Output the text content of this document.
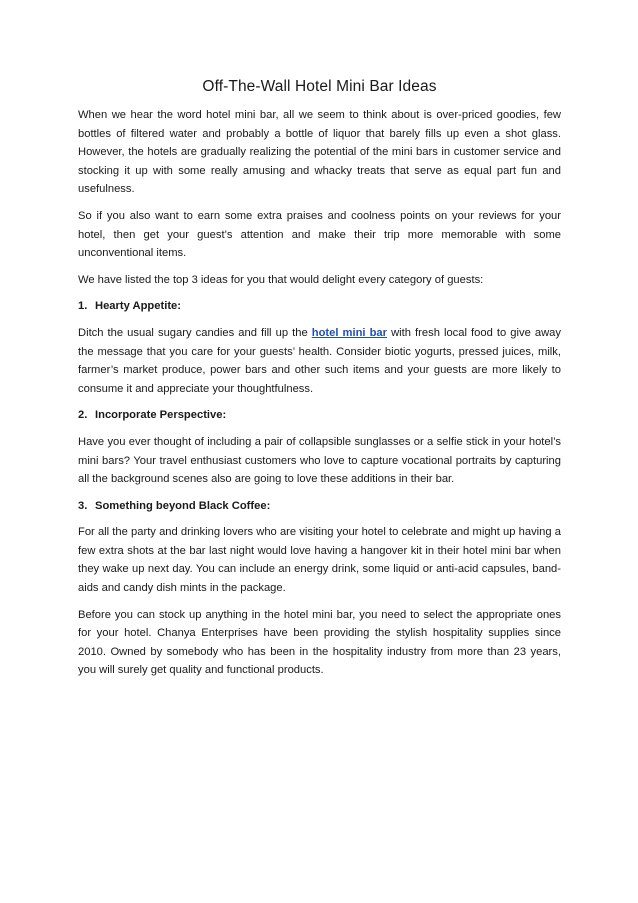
Off-The-Wall Hotel Mini Bar Ideas

When we hear the word hotel mini bar, all we seem to think about is over-priced goodies, few bottles of filtered water and probably a bottle of liquor that barely fills up even a shot glass. However, the hotels are gradually realizing the potential of the mini bars in customer service and stocking it up with some really amusing and whacky treats that serve as equal part fun and usefulness.

So if you also want to earn some extra praises and coolness points on your reviews for your hotel, then get your guest’s attention and make their trip more memorable with some unconventional items.

We have listed the top 3 ideas for you that would delight every category of guests:

1. Hearty Appetite:

Ditch the usual sugary candies and fill up the hotel mini bar with fresh local food to give away the message that you care for your guests’ health. Consider biotic yogurts, pressed juices, milk, farmer’s market produce, power bars and other such items and your guests are more likely to consume it and appreciate your thoughtfulness.

2. Incorporate Perspective:

Have you ever thought of including a pair of collapsible sunglasses or a selfie stick in your hotel’s mini bars? Your travel enthusiast customers who love to capture vocational portraits by capturing all the background scenes also are going to love these additions in their bar.

3. Something beyond Black Coffee:

For all the party and drinking lovers who are visiting your hotel to celebrate and might up having a few extra shots at the bar last night would love having a hangover kit in their hotel mini bar when they wake up next day. You can include an energy drink, some liquid or anti-acid capsules, band-aids and candy dish mints in the package.

Before you can stock up anything in the hotel mini bar, you need to select the appropriate ones for your hotel. Chanya Enterprises have been providing the stylish hospitality supplies since 2010. Owned by somebody who has been in the hospitality industry from more than 23 years, you will surely get quality and functional products.
